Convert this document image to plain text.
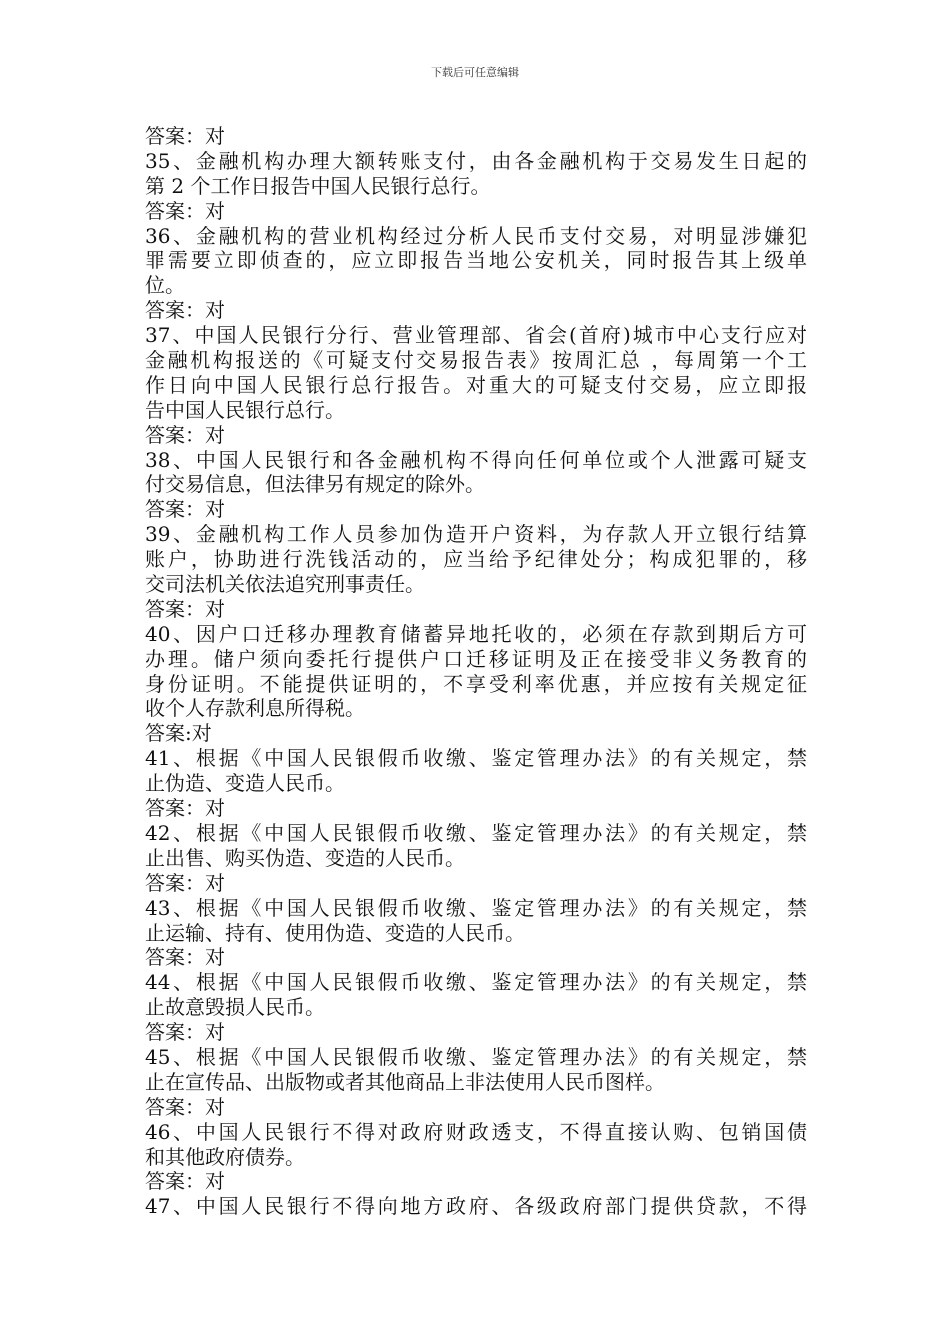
下载后可任意编辑
答案：对
35、金融机构办理大额转账支付，由各金融机构于交易发生日起的
第 2 个工作日报告中国人民银行总行。
答案：对
36、金融机构的营业机构经过分析人民币支付交易，对明显涉嫌犯
罪需要立即侦查的，应立即报告当地公安机关，同时报告其上级单
位。
答案：对
37、中国人民银行分行、营业管理部、省会(首府)城市中心支行应对
金融机构报送的《可疑支付交易报告表》按周汇总 ，每周第一个工
作日向中国人民银行总行报告。对重大的可疑支付交易，应立即报
告中国人民银行总行。
答案：对
38、中国人民银行和各金融机构不得向任何单位或个人泄露可疑支
付交易信息，但法律另有规定的除外。
答案：对
39、金融机构工作人员参加伪造开户资料，为存款人开立银行结算
账户，协助进行洗钱活动的，应当给予纪律处分；构成犯罪的，移
交司法机关依法追究刑事责任。
答案：对
40、因户口迁移办理教育储蓄异地托收的，必须在存款到期后方可
办理。储户须向委托行提供户口迁移证明及正在接受非义务教育的
身份证明。不能提供证明的，不享受利率优惠，并应按有关规定征
收个人存款利息所得税。
答案:对
41、根据《中国人民银假币收缴、鉴定管理办法》的有关规定，禁
止伪造、变造人民币。
答案：对
42、根据《中国人民银假币收缴、鉴定管理办法》的有关规定，禁
止出售、购买伪造、变造的人民币。
答案：对
43、根据《中国人民银假币收缴、鉴定管理办法》的有关规定，禁
止运输、持有、使用伪造、变造的人民币。
答案：对
44、根据《中国人民银假币收缴、鉴定管理办法》的有关规定，禁
止故意毁损人民币。
答案：对
45、根据《中国人民银假币收缴、鉴定管理办法》的有关规定，禁
止在宣传品、出版物或者其他商品上非法使用人民币图样。
答案：对
46、中国人民银行不得对政府财政透支，不得直接认购、包销国债
和其他政府债券。
答案：对
47、中国人民银行不得向地方政府、各级政府部门提供贷款，不得
